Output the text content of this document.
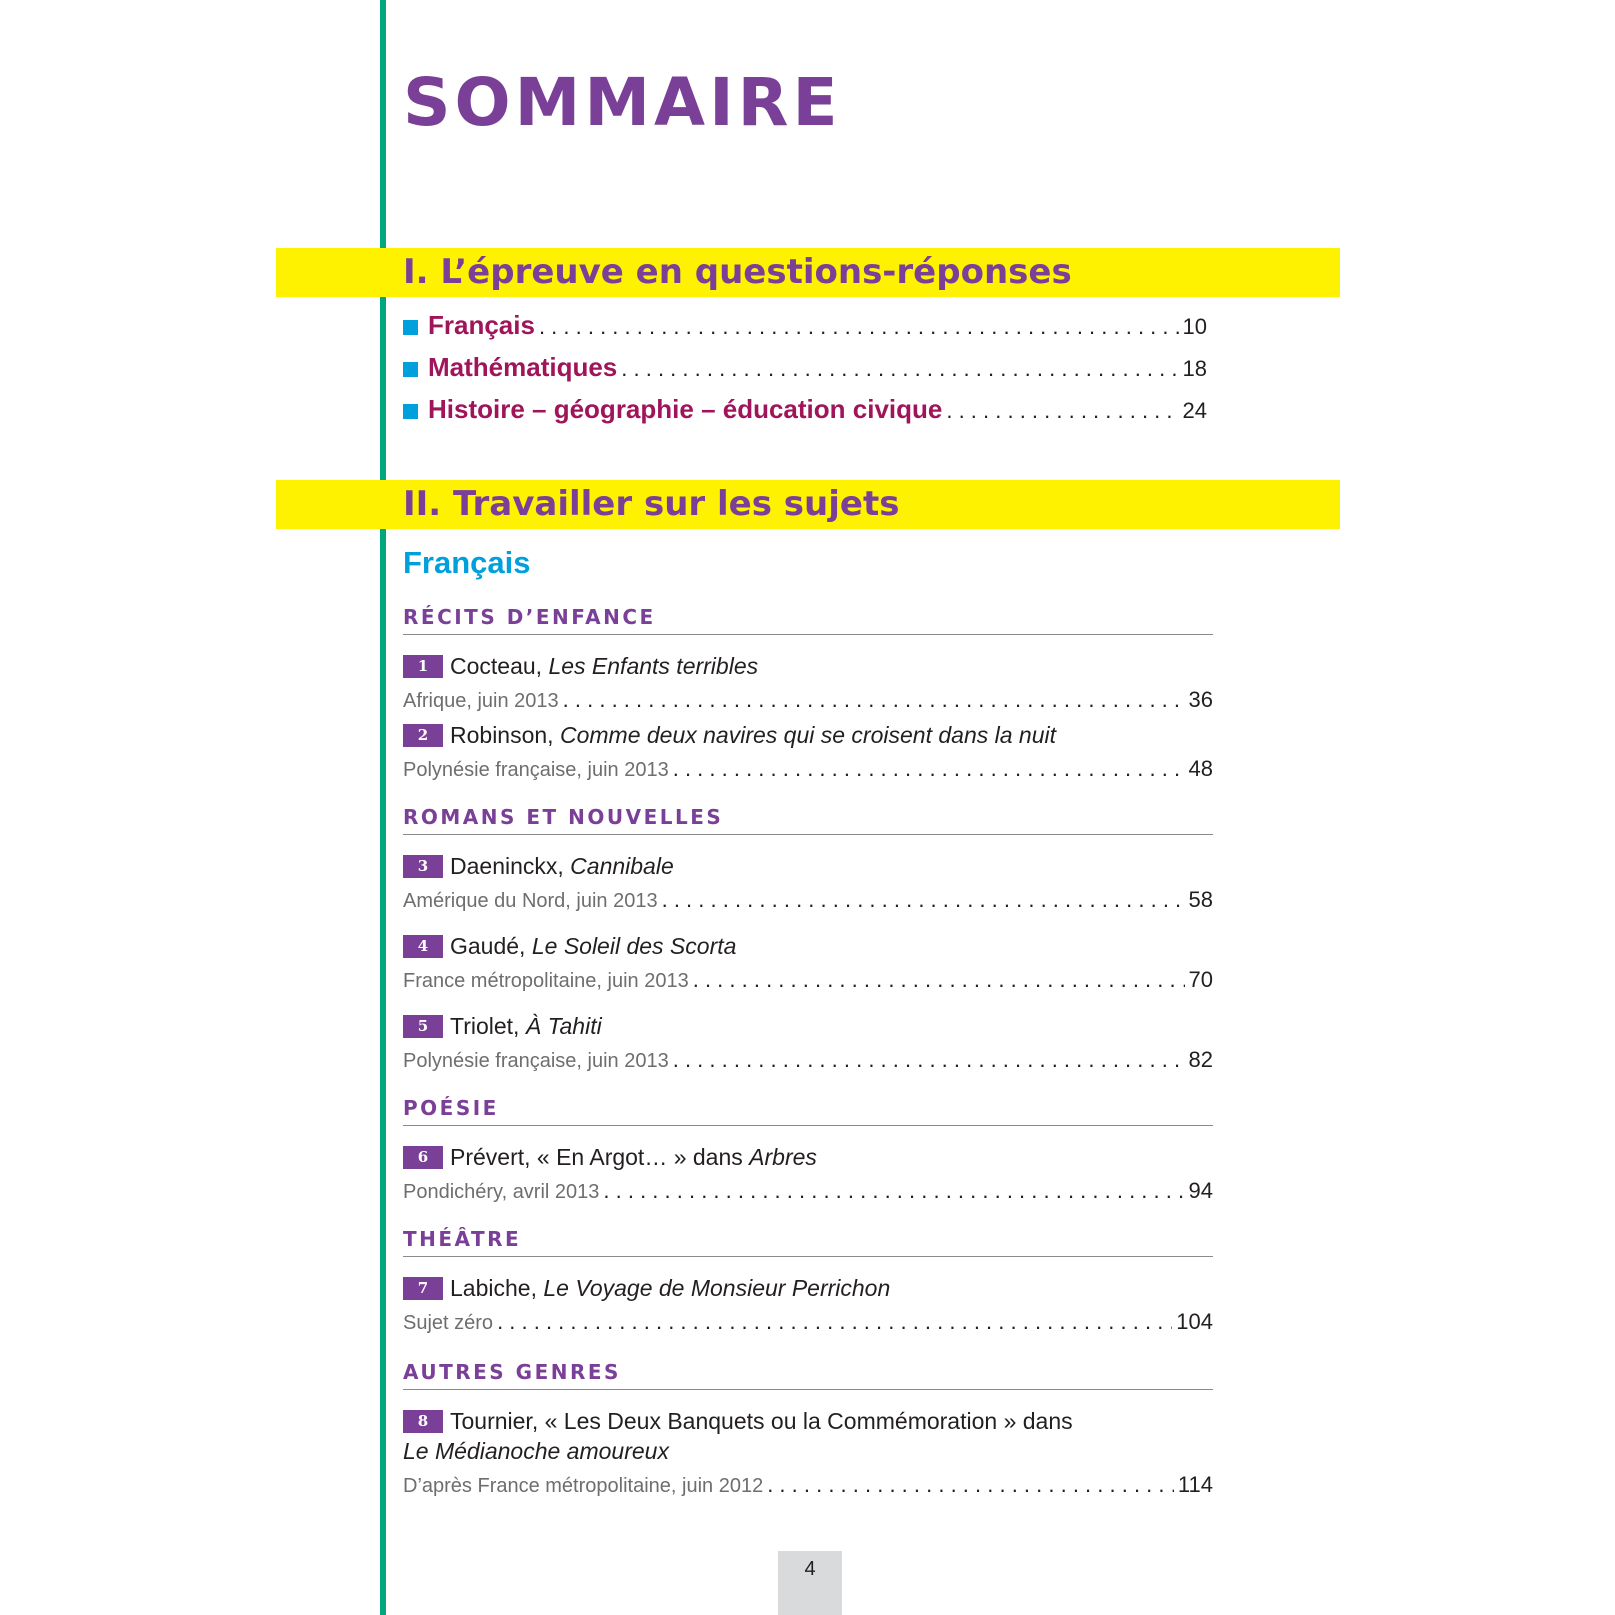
SOMMAIRE
I. L’épreuve en questions-réponses
Français . . .	10
Mathématiques . . .	18
Histoire – géographie – éducation civique . . .	24
II. Travailler sur les sujets
Français
RÉCITS D’ENFANCE
1 Cocteau,
Les Enfants terribles
Afrique, juin 2013 . . .	36
2 Robinson,
Comme deux navires qui se croisent dans la nuit
Polynésie française, juin 2013 . . .	48
ROMANS ET NOUVELLES
3 Daeninckx,
Cannibale
Amérique du Nord, juin 2013 . . .	58
4 Gaudé,
Le Soleil des Scorta
France métropolitaine, juin 2013 . . .	70
5 Triolet,
À Tahiti
Polynésie française, juin 2013 . . .	82
POÉSIE
6 Prévert, « En Argot… » dans
Arbres
Pondichéry, avril 2013 . . .	94
THÉÂTRE
7 Labiche,
Le Voyage de Monsieur Perrichon
Sujet zéro . . .	104
AUTRES GENRES
8 Tournier, « Les Deux Banquets ou la Commémoration » dans
Le Médianoche amoureux
D’après France métropolitaine, juin 2012 . . .	114
4
